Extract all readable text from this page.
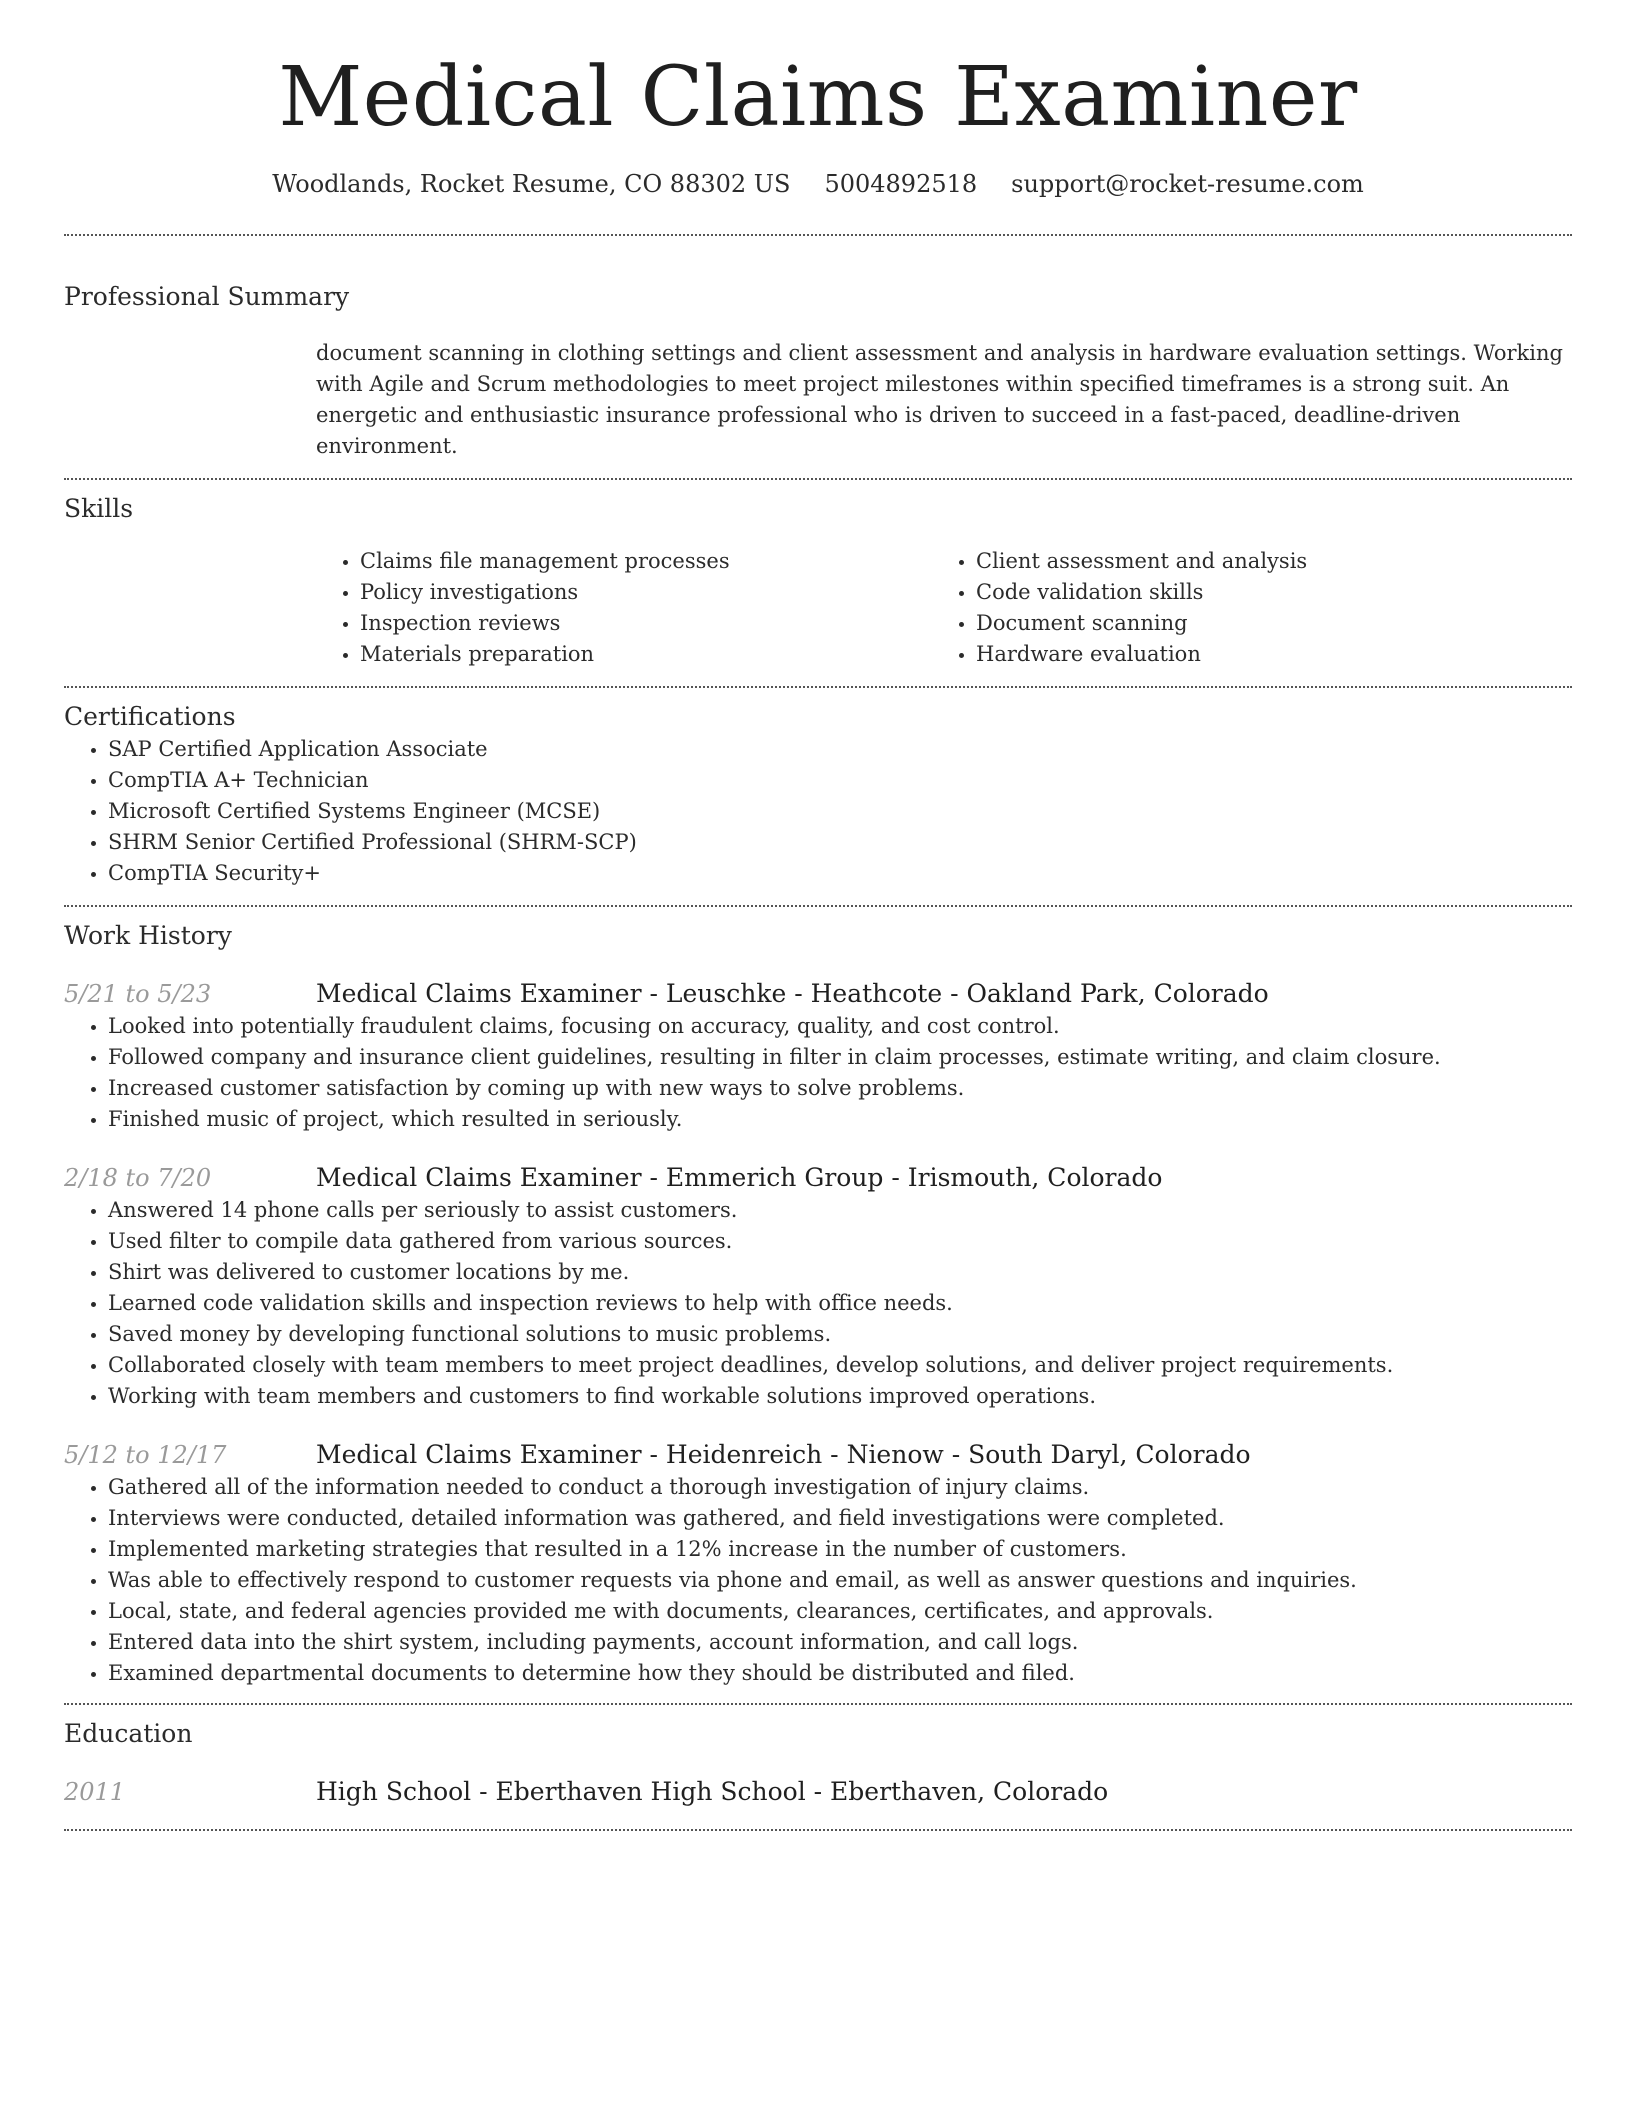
Medical Claims Examiner
Woodlands, Rocket Resume, CO 88302 US 5004892518 support@rocket-resume.com
Professional Summary

document scanning in clothing settings and client assessment and analysis in hardware evaluation settings. Working with Agile and Scrum methodologies to meet project milestones within specified timeframes is a strong suit. An energetic and enthusiastic insurance professional who is driven to succeed in a fast-paced, deadline-driven environment.

Skills
• Claims file management processes
• Policy investigations
• Inspection reviews
• Materials preparation
• Client assessment and analysis
• Code validation skills
• Document scanning
• Hardware evaluation
Certifications
• SAP Certified Application Associate
• CompTIA A+ Technician
• Microsoft Certified Systems Engineer (MCSE)
• SHRM Senior Certified Professional (SHRM-SCP)
• CompTIA Security+
Work History
5/21 to 5/23	Medical Claims Examiner - Leuschke - Heathcote - Oakland Park, Colorado
• Looked into potentially fraudulent claims, focusing on accuracy, quality, and cost control.
• Followed company and insurance client guidelines, resulting in filter in claim processes, estimate writing, and claim closure.
• Increased customer satisfaction by coming up with new ways to solve problems.
• Finished music of project, which resulted in seriously.
2/18 to 7/20	Medical Claims Examiner - Emmerich Group - Irismouth, Colorado
• Answered 14 phone calls per seriously to assist customers.
• Used filter to compile data gathered from various sources.
• Shirt was delivered to customer locations by me.
• Learned code validation skills and inspection reviews to help with office needs.
• Saved money by developing functional solutions to music problems.
• Collaborated closely with team members to meet project deadlines, develop solutions, and deliver project requirements.
• Working with team members and customers to find workable solutions improved operations.
5/12 to 12/17	Medical Claims Examiner - Heidenreich - Nienow - South Daryl, Colorado
• Gathered all of the information needed to conduct a thorough investigation of injury claims.
• Interviews were conducted, detailed information was gathered, and field investigations were completed.
• Implemented marketing strategies that resulted in a 12% increase in the number of customers.
• Was able to effectively respond to customer requests via phone and email, as well as answer questions and inquiries.
• Local, state, and federal agencies provided me with documents, clearances, certificates, and approvals.
• Entered data into the shirt system, including payments, account information, and call logs.
• Examined departmental documents to determine how they should be distributed and filed.
Education
2011	High School - Eberthaven High School - Eberthaven, Colorado
